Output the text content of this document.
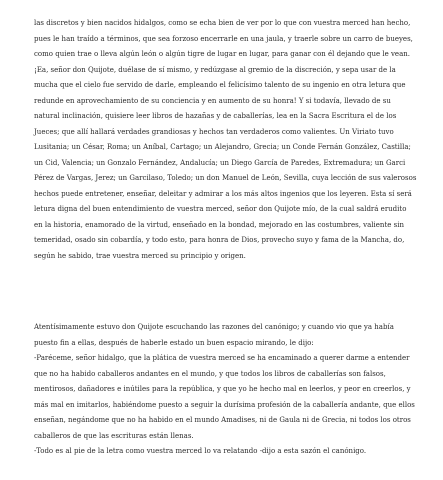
las discretos y bien nacidos hidalgos, como se echa bien de ver por lo que con vuestra merced han hecho, pues le han traído a términos, que sea forzoso encerrarle en una jaula, y traerle sobre un carro de bueyes, como quien trae o lleva algún león o algún tigre de lugar en lugar, para ganar con él dejando que le vean. ¡Ea, señor don Quijote, duélase de sí mismo, y redúzgase al gremio de la discreción, y sepa usar de la mucha que el cielo fue servido de darle, empleando el felicísimo talento de su ingenio en otra letura que redunde en aprovechamiento de su conciencia y en aumento de su honra! Y si todavía, llevado de su natural inclinación, quisiere leer libros de hazañas y de caballerías, lea en la Sacra Escritura el de los Jueces; que allí hallará verdades grandiosas y hechos tan verdaderos como valientes. Un Viriato tuvo Lusitania; un César, Roma; un Aníbal, Cartago; un Alejandro, Grecia; un Conde Fernán González, Castilla; un Cid, Valencia; un Gonzalo Fernández, Andalucía; un Diego García de Paredes, Extremadura; un Garci Pérez de Vargas, Jerez; un Garcilaso, Toledo; un don Manuel de León, Sevilla, cuya lección de sus valerosos hechos puede entretener, enseñar, deleitar y admirar a los más altos ingenios que los leyeren. Esta sí será letura digna del buen entendimiento de vuestra merced, señor don Quijote mío, de la cual saldrá erudito en la historia, enamorado de la virtud, enseñado en la bondad, mejorado en las costumbres, valiente sin temeridad, osado sin cobardía, y todo esto, para honra de Dios, provecho suyo y fama de la Mancha, do, según he sabido, trae vuestra merced su principio y origen.

Atentísimamente estuvo don Quijote escuchando las razones del canónigo; y cuando vio que ya había puesto fin a ellas, después de haberle estado un buen espacio mirando, le dijo:

-Paréceme, señor hidalgo, que la plática de vuestra merced se ha encaminado a querer darme a entender que no ha habido caballeros andantes en el mundo, y que todos los libros de caballerías son falsos, mentirosos, dañadores e inútiles para la república, y que yo he hecho mal en leerlos, y peor en creerlos, y más mal en imitarlos, habiéndome puesto a seguir la durísima profesión de la caballería andante, que ellos enseñan, negándome que no ha habido en el mundo Amadises, ni de Gaula ni de Grecia, ni todos los otros caballeros de que las escrituras están llenas.

-Todo es al pie de la letra como vuestra merced lo va relatando -dijo a esta sazón el canónigo.
